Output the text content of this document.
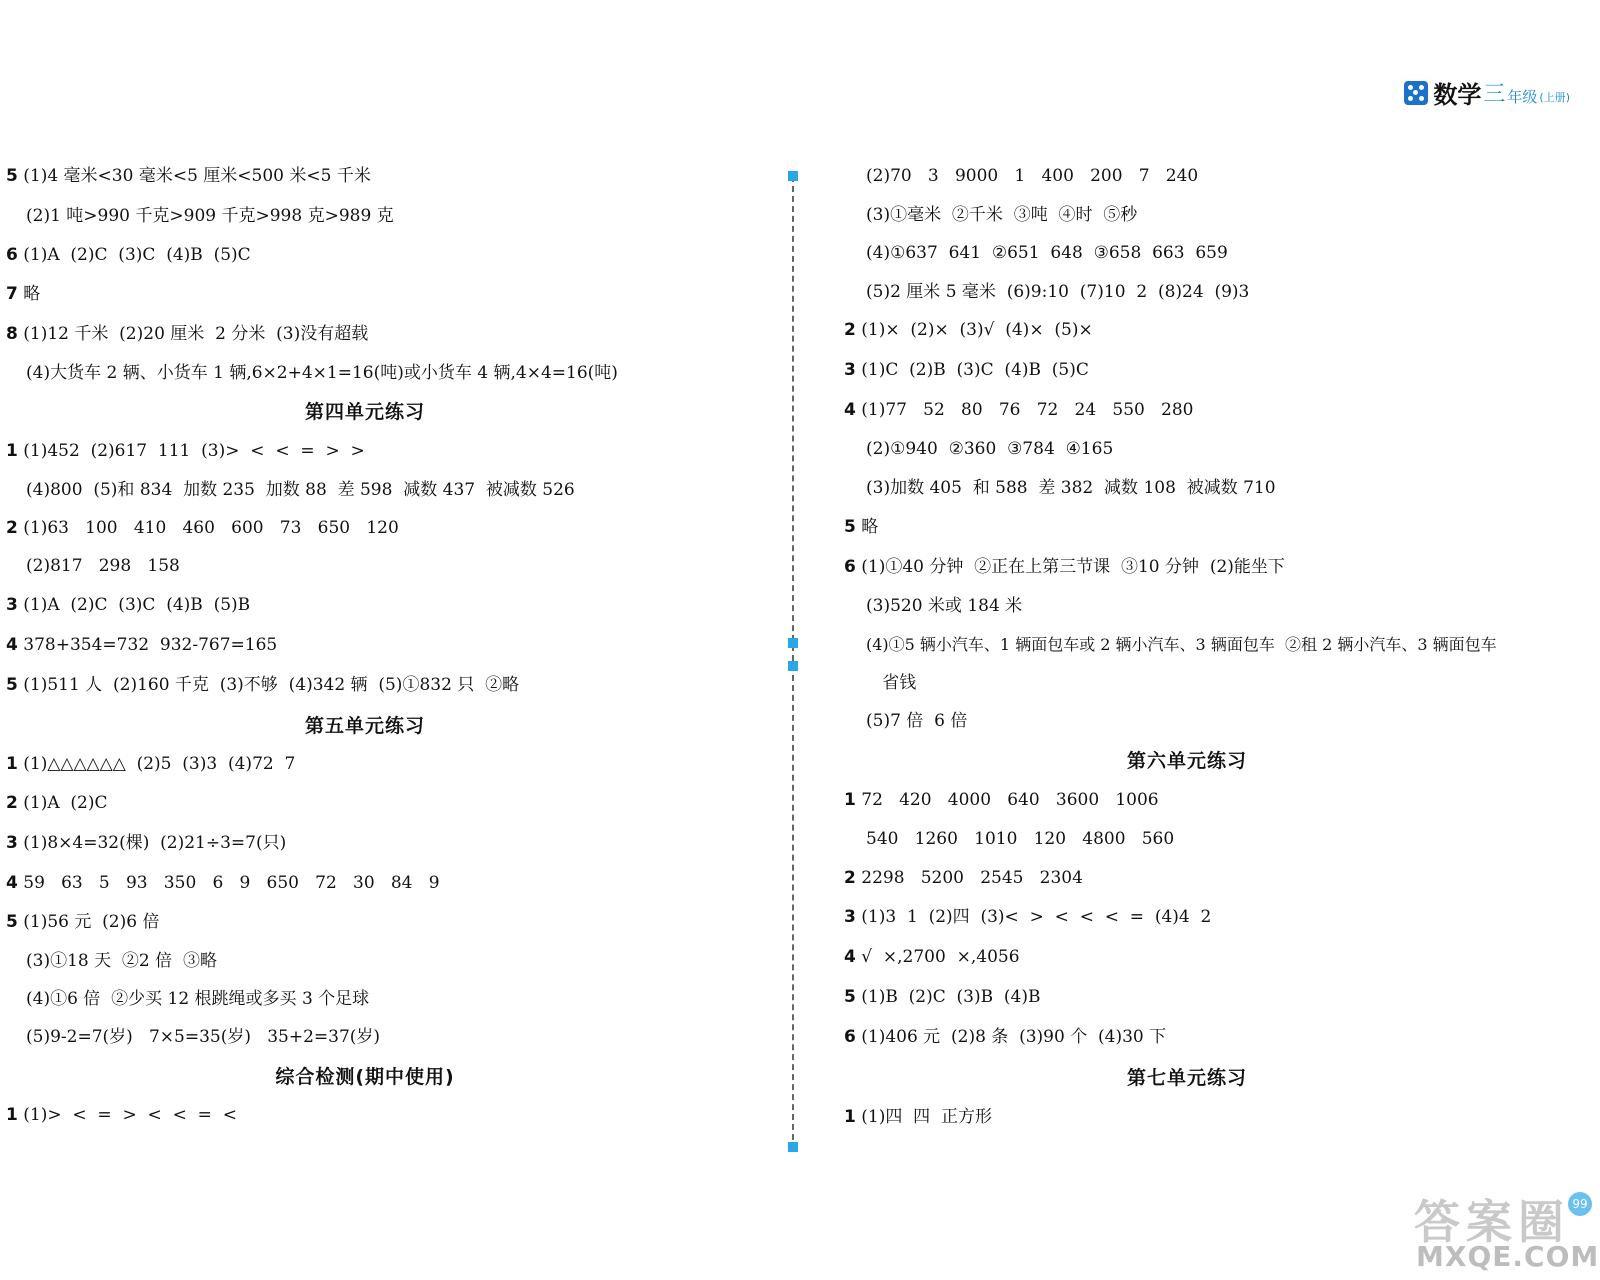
数学 三 年级 (上册)
5 (1)4 毫米<30 毫米<5 厘米<500 米<5 千米
(2)1 吨>990 千克>909 千克>998 克>989 克
6 (1)A  (2)C  (3)C  (4)B  (5)C
7 略
8 (1)12 千米  (2)20 厘米  2 分米  (3)没有超载
(4)大货车 2 辆、小货车 1 辆,6×2+4×1=16(吨)或小货车 4 辆,4×4=16(吨)
第四单元练习
1 (1)452  (2)617  111  (3)>  <  <  =  >  >
(4)800  (5)和 834  加数 235  加数 88  差 598  减数 437  被减数 526
2 (1)63   100   410   460   600   73   650   120
(2)817   298   158
3 (1)A  (2)C  (3)C  (4)B  (5)B
4 378+354=732  932-767=165
5 (1)511 人  (2)160 千克  (3)不够  (4)342 辆  (5)①832 只  ②略
第五单元练习
1 (1)△△△△△△  (2)5  (3)3  (4)72  7
2 (1)A  (2)C
3 (1)8×4=32(棵)  (2)21÷3=7(只)
4 59   63   5   93   350   6   9   650   72   30   84   9
5 (1)56 元  (2)6 倍
(3)①18 天  ②2 倍  ③略
(4)①6 倍  ②少买 12 根跳绳或多买 3 个足球
(5)9-2=7(岁)   7×5=35(岁)   35+2=37(岁)
综合检测(期中使用)
1 (1)>  <  =  >  <  <  =  <
(2)70   3   9000   1   400   200   7   240
(3)①毫米  ②千米  ③吨  ④时  ⑤秒
(4)①637  641  ②651  648  ③658  663  659
(5)2 厘米 5 毫米  (6)9:10  (7)10  2  (8)24  (9)3
2 (1)×  (2)×  (3)√  (4)×  (5)×
3 (1)C  (2)B  (3)C  (4)B  (5)C
4 (1)77   52   80   76   72   24   550   280
(2)①940  ②360  ③784  ④165
(3)加数 405  和 588  差 382  减数 108  被减数 710
5 略
6 (1)①40 分钟  ②正在上第三节课  ③10 分钟  (2)能坐下
(3)520 米或 184 米
(4)①5 辆小汽车、1 辆面包车或 2 辆小汽车、3 辆面包车  ②租 2 辆小汽车、3 辆面包车
省钱
(5)7 倍  6 倍
第六单元练习
1 72   420   4000   640   3600   1006
540   1260   1010   120   4800   560
2 2298   5200   2545   2304
3 (1)3  1  (2)四  (3)<  >  <  <  <  =  (4)4  2
4 √  ×,2700  ×,4056
5 (1)B  (2)C  (3)B  (4)B
6 (1)406 元  (2)8 条  (3)90 个  (4)30 下
第七单元练习
1 (1)四  四  正方形
99
答案圈
MXQE.COM
